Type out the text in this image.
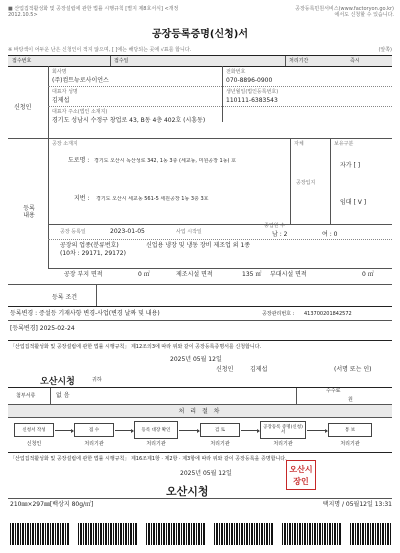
■ 산업집적활성화 및 공장설립에 관한 법률 시행규칙 [별지 제8호서식] <개정
2012.10.5>
공장등록민원서비스(www.factoryon.go.kr)
에서도 신청할 수 있습니다.
공장등록증명(신청)서
※ 바탕색이 어두운 난은 신청인이 적지 않으며, [ ]에는 해당되는 곳에 √표를 합니다.	(앞쪽)
접수번호	접수일	처리기간	즉시
신청인
회사명
(주)컴트뉴로사이언스
전화번호
070-8896-0900
대표자 성명
김제섭
생년월일(법인등록번호)
110111-6383543
대표자 주소(법인 소재지)
경기도 성남시 수정구 창업로 43, B동 4층 402호 (시흥동)
등록
내용
공장 소재지
도로명 : 경기도 오산시 독산성로 342, 1동 3층 (세교동, 미원공장 1동) 호
지번 : 경기도 오산시 세교동 561-5 세원공장 1동 3층 3호
자체	보유구분
자가 [ ]
공장입지
임대 [ V ]
공장 등록일	2023-01-05	사업 시작일
종업원 수
남 : 2	여 : 0
공장의 업종(분류번호)	신업용 냉장 및 냉동 장비 제조업 외 1종
(10차 : 29171, 29172)
공장 부지 면적	0 ㎡	제조시설 면적	135 ㎡ 부대시설 면적	0 ㎡
등록 조건
등록변경 : 증설등 기재사항 변경-사업(변경 날짜 및 내용)	공장관리번호 : 413700201842572
[등록변경] 2025-02-24
「산업집적활성화 및 공장설립에 관한 법률 시행규칙」 제12조의3에 따라 위와 같이 공장등록증명서를 신청합니다.
2025년 05월 12일
신청인	김제섭	(서명 또는 인)
오산시청	귀하
첨부서류	없 음
수수료
원
처 리 절 차
신청서 작성	접 수	등록 대장 확인	검 토	공장등록 증명(신청)서	통 보
신청인	처리기관	처리기관	처리기관	처리기관	처리기관
「산업집적활성화 및 공장설립에 관한 법률 시행규칙」 제16조제1항 · 제2항 · 제3항에 따라 위와 같이 공장등록을 증명합니다.
2025년 05월 12일
오산시청
오산시
장인
210㎜×297㎜[백상지 80g/㎡]	택지명 / 05월12일 13:31
